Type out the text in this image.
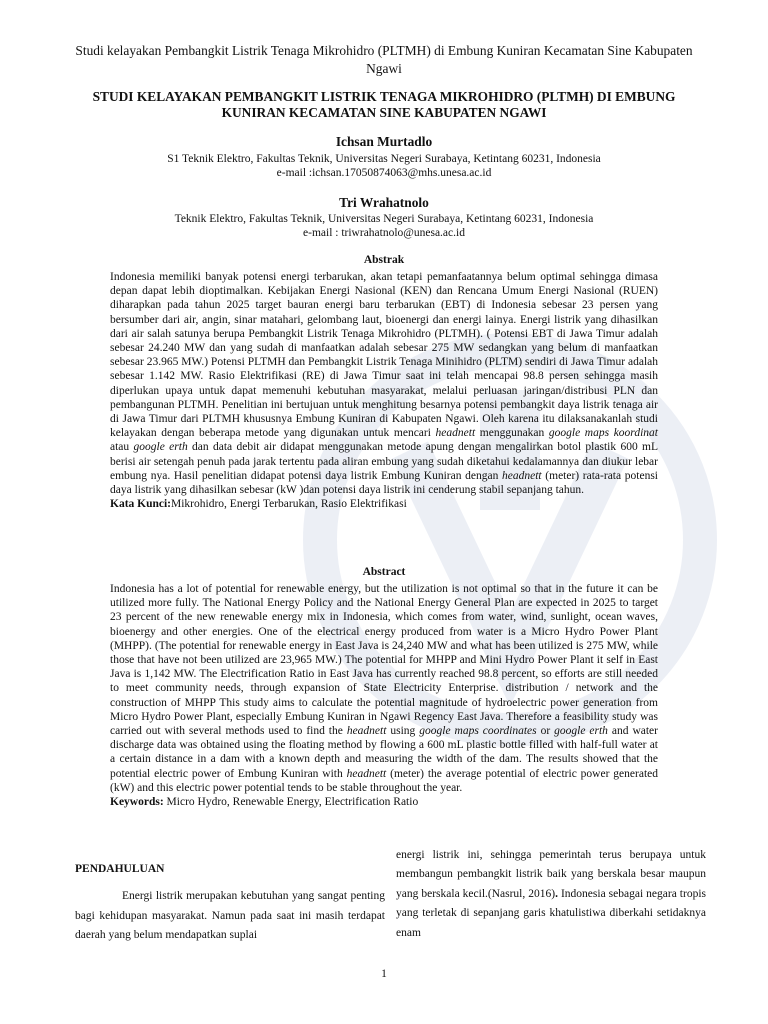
Studi kelayakan Pembangkit Listrik Tenaga Mikrohidro (PLTMH) di Embung Kuniran Kecamatan Sine Kabupaten Ngawi
STUDI KELAYAKAN PEMBANGKIT LISTRIK TENAGA MIKROHIDRO (PLTMH) DI EMBUNG KUNIRAN KECAMATAN SINE KABUPATEN NGAWI
Ichsan Murtadlo
S1 Teknik Elektro, Fakultas Teknik, Universitas Negeri Surabaya, Ketintang 60231, Indonesia
e-mail :ichsan.17050874063@mhs.unesa.ac.id
Tri Wrahatnolo
Teknik Elektro, Fakultas Teknik, Universitas Negeri Surabaya, Ketintang 60231, Indonesia
e-mail : triwrahatnolo@unesa.ac.id
Abstrak

Indonesia memiliki banyak potensi energi terbarukan, akan tetapi pemanfaatannya belum optimal sehingga dimasa depan dapat lebih dioptimalkan. Kebijakan Energi Nasional (KEN) dan Rencana Umum Energi Nasional (RUEN) diharapkan pada tahun 2025 target bauran energi baru terbarukan (EBT) di Indonesia sebesar 23 persen yang bersumber dari air, angin, sinar matahari, gelombang laut, bioenergi dan energi lainya. Energi listrik yang dihasilkan dari air salah satunya berupa Pembangkit Listrik Tenaga Mikrohidro (PLTMH). ( Potensi EBT di Jawa Timur adalah sebesar 24.240 MW dan yang sudah di manfaatkan adalah sebesar 275 MW sedangkan yang belum di manfaatkan sebesar 23.965 MW.) Potensi PLTMH dan Pembangkit Listrik Tenaga Minihidro (PLTM) sendiri di Jawa Timur adalah sebesar 1.142 MW. Rasio Elektrifikasi (RE) di Jawa Timur saat ini telah mencapai 98.8 persen sehingga masih diperlukan upaya untuk dapat memenuhi kebutuhan masyarakat, melalui perluasan jaringan/distribusi PLN dan pembangunan PLTMH. Penelitian ini bertujuan untuk menghitung besarnya potensi pembangkit daya listrik tenaga air di Jawa Timur dari PLTMH khususnya Embung Kuniran di Kabupaten Ngawi. Oleh karena itu dilaksanakanlah studi kelayakan dengan beberapa metode yang digunakan untuk mencari headnett menggunakan google maps koordinat atau google erth dan data debit air didapat menggunakan metode apung dengan mengalirkan botol plastik 600 mL berisi air setengah penuh pada jarak tertentu pada aliran embung yang sudah diketahui kedalamannya dan diukur lebar embung nya. Hasil penelitian didapat potensi daya listrik Embung Kuniran dengan headnett (meter) rata-rata potensi daya listrik yang dihasilkan sebesar (kW )dan potensi daya listrik ini cenderung stabil sepanjang tahun.

Kata Kunci:Mikrohidro, Energi Terbarukan, Rasio Elektrifikasi
Abstract

Indonesia has a lot of potential for renewable energy, but the utilization is not optimal so that in the future it can be utilized more fully. The National Energy Policy and the National Energy General Plan are expected in 2025 to target 23 percent of the new renewable energy mix in Indonesia, which comes from water, wind, sunlight, ocean waves, bioenergy and other energies. One of the electrical energy produced from water is a Micro Hydro Power Plant (MHPP). (The potential for renewable energy in East Java is 24,240 MW and what has been utilized is 275 MW, while those that have not been utilized are 23,965 MW.) The potential for MHPP and Mini Hydro Power Plant it self in East Java is 1,142 MW. The Electrification Ratio in East Java has currently reached 98.8 percent, so efforts are still needed to meet community needs, through expansion of State Electricity Enterprise. distribution / network and the construction of MHPP This study aims to calculate the potential magnitude of hydroelectric power generation from Micro Hydro Power Plant, especially Embung Kuniran in Ngawi Regency East Java. Therefore a feasibility study was carried out with several methods used to find the headnett using google maps coordinates or google erth and water discharge data was obtained using the floating method by flowing a 600 mL plastic bottle filled with half-full water at a certain distance in a dam with a known depth and measuring the width of the dam. The results showed that the potential electric power of Embung Kuniran with headnett (meter) the average potential of electric power generated (kW) and this electric power potential tends to be stable throughout the year.

Keywords: Micro Hydro, Renewable Energy, Electrification Ratio

PENDAHULUAN

Energi listrik merupakan kebutuhan yang sangat penting bagi kehidupan masyarakat. Namun pada saat ini masih terdapat daerah yang belum mendapatkan suplai

energi listrik ini, sehingga pemerintah terus berupaya untuk membangun pembangkit listrik baik yang berskala besar maupun yang berskala kecil.(Nasrul, 2016). Indonesia sebagai negara tropis yang terletak di sepanjang garis khatulistiwa diberkahi setidaknya enam

1
